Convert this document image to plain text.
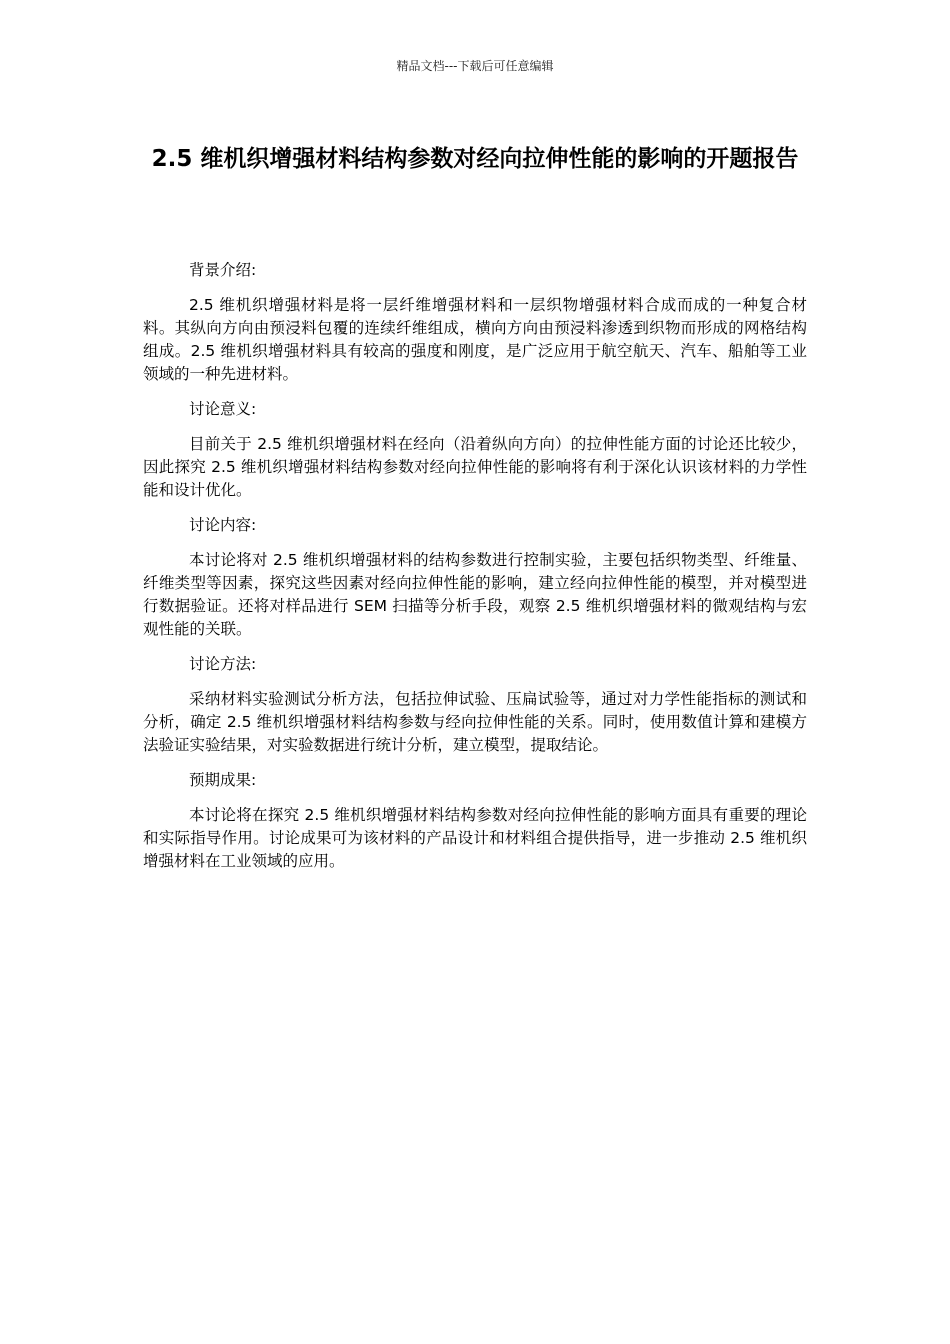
精品文档---下载后可任意编辑
2.5 维机织增强材料结构参数对经向拉伸性能的影响的开题报告

背景介绍:

2.5 维机织增强材料是将一层纤维增强材料和一层织物增强材料合成而成的一种复合材料。其纵向方向由预浸料包覆的连续纤维组成，横向方向由预浸料渗透到织物而形成的网格结构组成。2.5 维机织增强材料具有较高的强度和刚度，是广泛应用于航空航天、汽车、船舶等工业领域的一种先进材料。

讨论意义:

目前关于 2.5 维机织增强材料在经向（沿着纵向方向）的拉伸性能方面的讨论还比较少，因此探究 2.5 维机织增强材料结构参数对经向拉伸性能的影响将有利于深化认识该材料的力学性能和设计优化。

讨论内容:

本讨论将对 2.5 维机织增强材料的结构参数进行控制实验，主要包括织物类型、纤维量、纤维类型等因素，探究这些因素对经向拉伸性能的影响，建立经向拉伸性能的模型，并对模型进行数据验证。还将对样品进行 SEM 扫描等分析手段，观察 2.5 维机织增强材料的微观结构与宏观性能的关联。

讨论方法:

采纳材料实验测试分析方法，包括拉伸试验、压扁试验等，通过对力学性能指标的测试和分析，确定 2.5 维机织增强材料结构参数与经向拉伸性能的关系。同时，使用数值计算和建模方法验证实验结果，对实验数据进行统计分析，建立模型，提取结论。

预期成果:

本讨论将在探究 2.5 维机织增强材料结构参数对经向拉伸性能的影响方面具有重要的理论和实际指导作用。讨论成果可为该材料的产品设计和材料组合提供指导，进一步推动 2.5 维机织增强材料在工业领域的应用。
